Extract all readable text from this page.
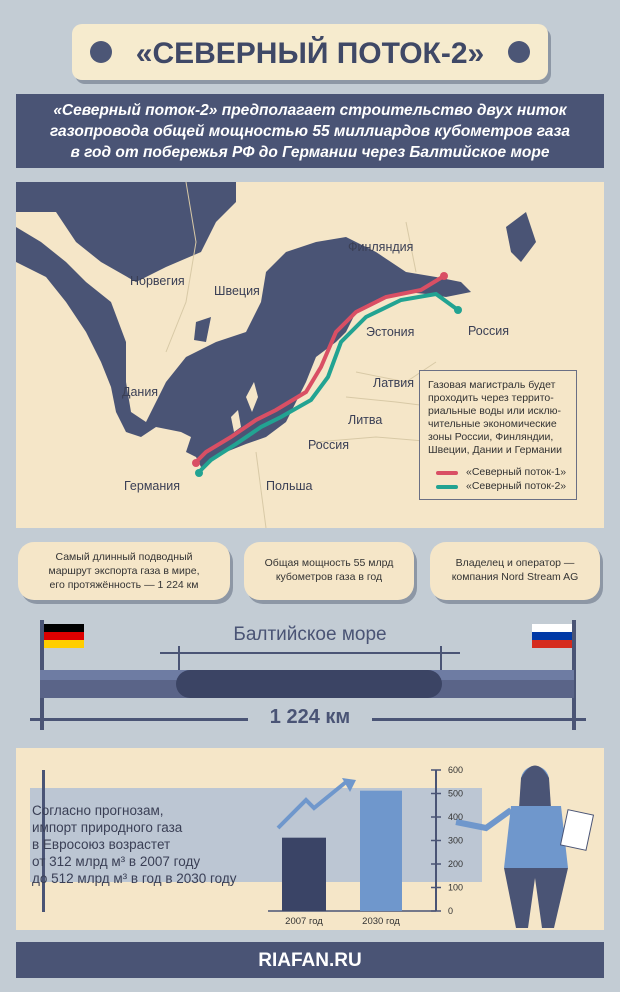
«СЕВЕРНЫЙ ПОТОК-2»
«Северный поток-2» предполагает строительство двух ниток
газопровода общей мощностью 55 миллиардов кубометров газа
в год от побережья РФ до Германии через Балтийское море
Финляндия
Норвегия
Швеция
Эстония	Россия
Латвия
Дания
Литва
Россия
Германия	Польша
Газовая магистраль будет
проходить через террито-
риальные воды или исклю-
чительные экономические
зоны России, Финляндии,
Швеции, Дании и Германии
«Северный поток-1»
«Северный поток-2»
Самый длинный подводный
маршрут экспорта газа в мире,
его протяжённость — 1 224 км
Общая мощность 55 млрд
кубометров газа в год
Владелец и оператор —
компания Nord Stream AG
Балтийское море
1 224 км
Согласно прогнозам,
импорт природного газа
в Евросоюз возрастет
от 312 млрд м³ в 2007 году
до 512 млрд м³ в год в 2030 году
0
100
200
300
400
500
600
2007 год	2030 год
RIAFAN.RU
